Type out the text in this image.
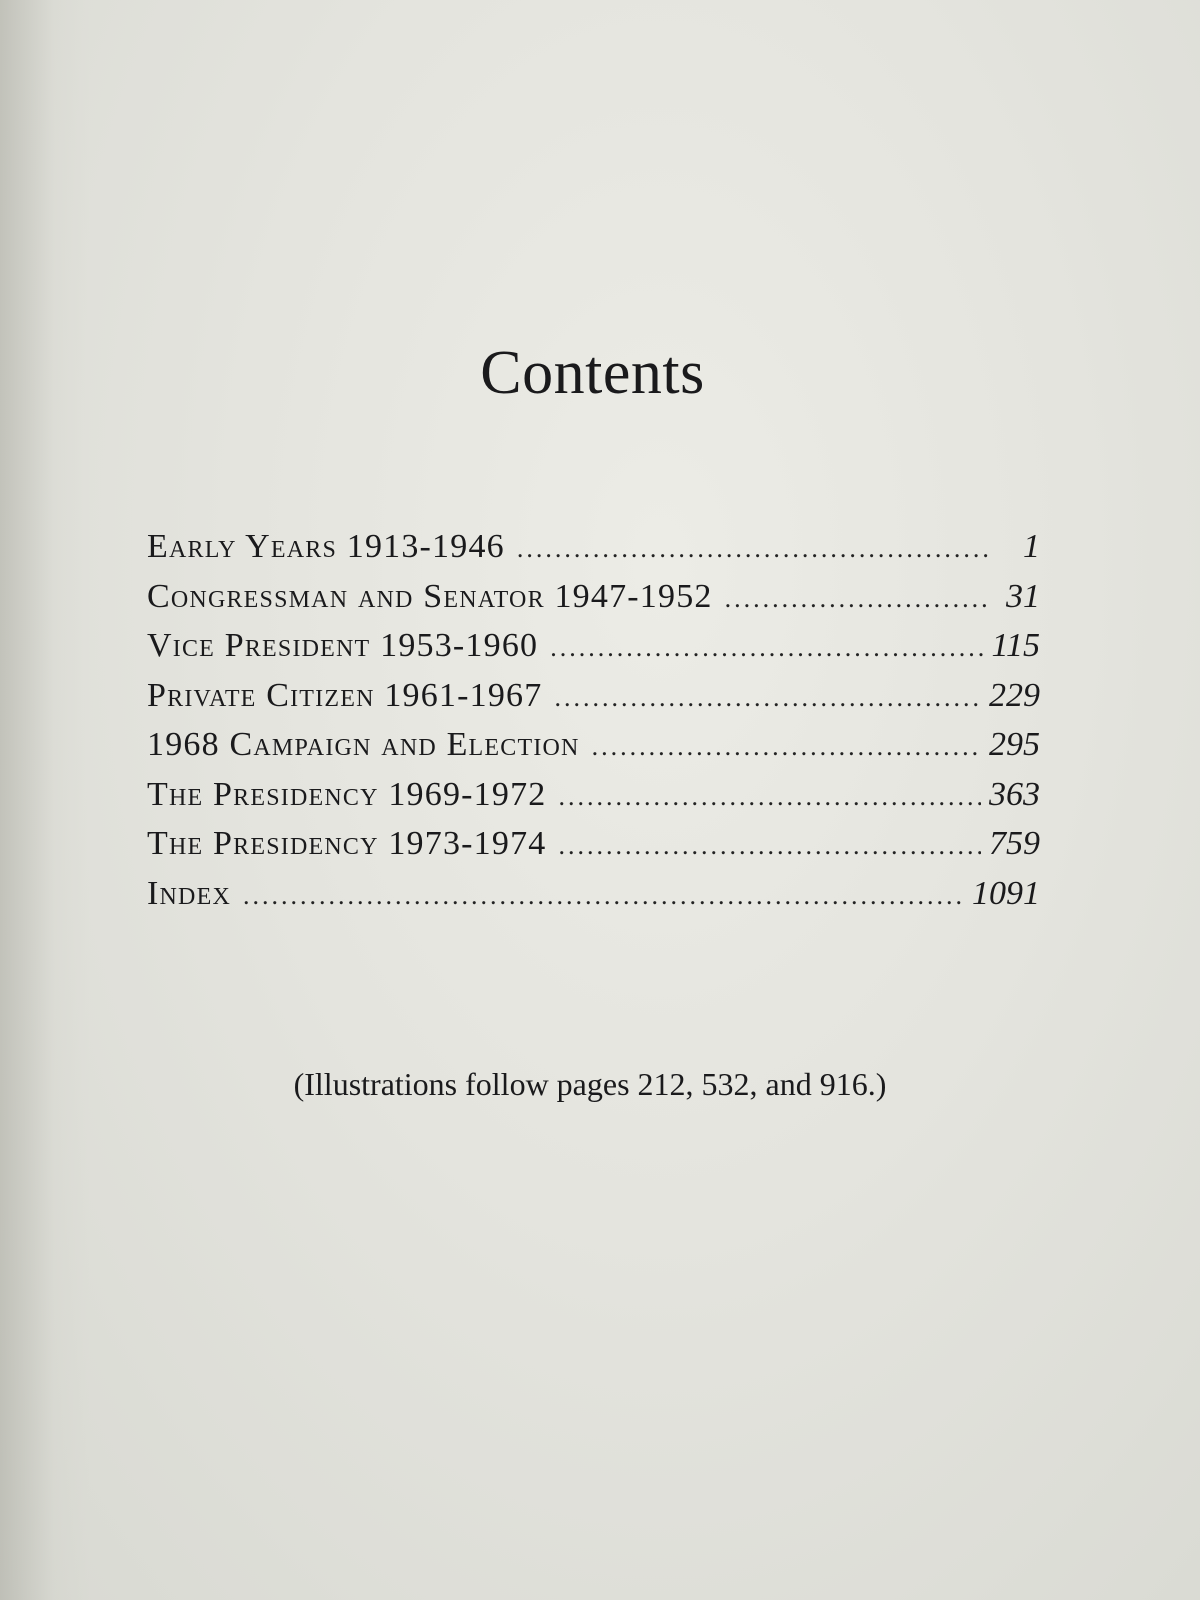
Contents
Early Years 1913-1946 .....	1
Congressman and Senator 1947-1952 .....	31
Vice President 1953-1960 .....	115
Private Citizen 1961-1967 .....	229
1968 Campaign and Election .....	295
The Presidency 1969-1972 .....	363
The Presidency 1973-1974 .....	759
Index .....	1091

(Illustrations follow pages 212, 532, and 916.)
